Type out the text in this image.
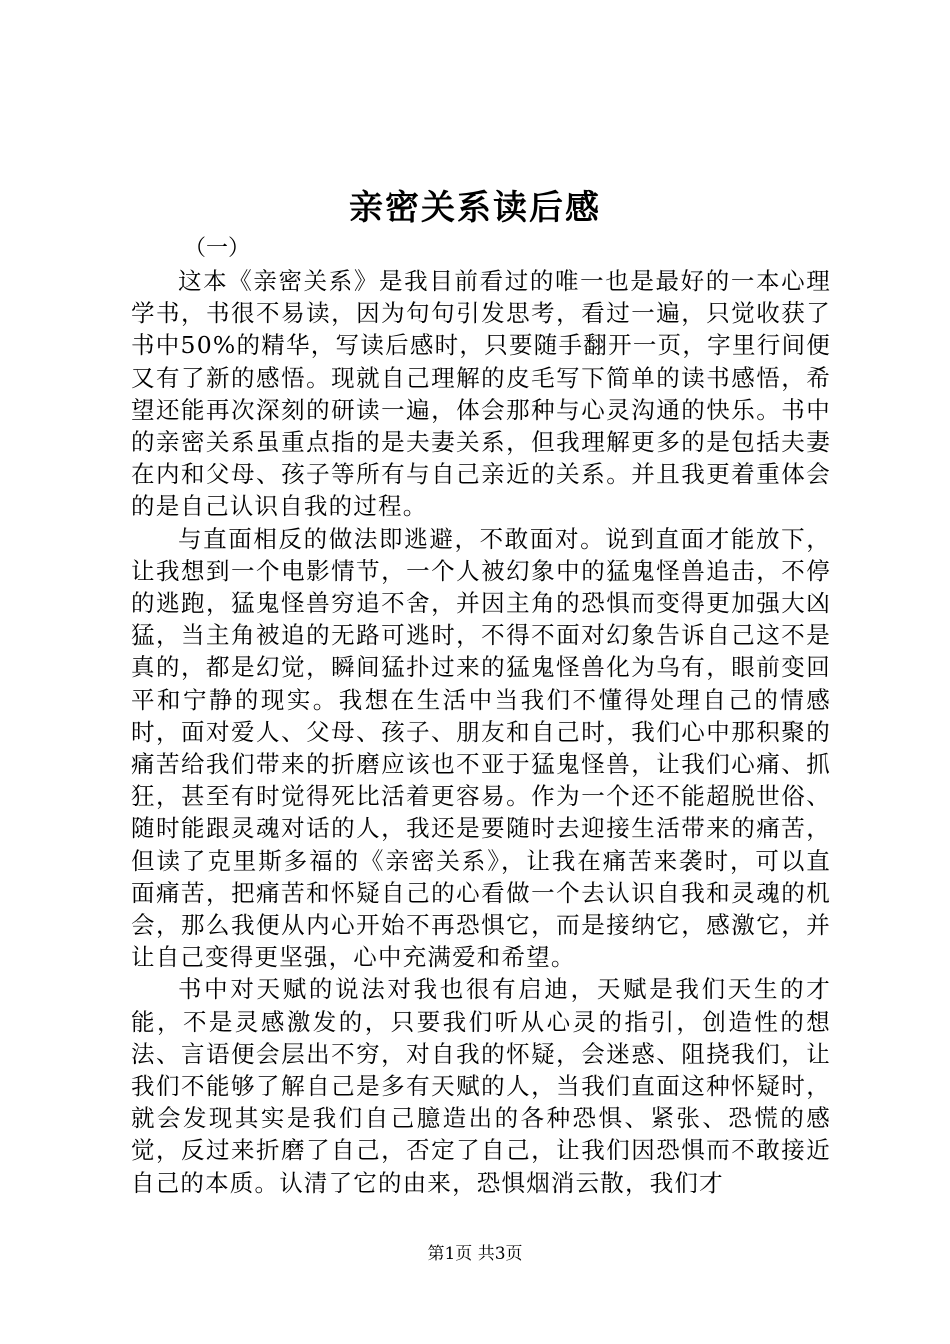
亲密关系读后感
（一）

这本《亲密关系》是我目前看过的唯一也是最好的一本心理学书，书很不易读，因为句句引发思考，看过一遍，只觉收获了书中50%的精华，写读后感时，只要随手翻开一页，字里行间便又有了新的感悟。现就自己理解的皮毛写下简单的读书感悟，希望还能再次深刻的研读一遍，体会那种与心灵沟通的快乐。书中的亲密关系虽重点指的是夫妻关系，但我理解更多的是包括夫妻在内和父母、孩子等所有与自己亲近的关系。并且我更着重体会的是自己认识自我的过程。

与直面相反的做法即逃避，不敢面对。说到直面才能放下，让我想到一个电影情节，一个人被幻象中的猛鬼怪兽追击，不停的逃跑，猛鬼怪兽穷追不舍，并因主角的恐惧而变得更加强大凶猛，当主角被追的无路可逃时，不得不面对幻象告诉自己这不是真的，都是幻觉，瞬间猛扑过来的猛鬼怪兽化为乌有，眼前变回平和宁静的现实。我想在生活中当我们不懂得处理自己的情感时，面对爱人、父母、孩子、朋友和自己时，我们心中那积聚的痛苦给我们带来的折磨应该也不亚于猛鬼怪兽，让我们心痛、抓狂，甚至有时觉得死比活着更容易。作为一个还不能超脱世俗、随时能跟灵魂对话的人，我还是要随时去迎接生活带来的痛苦，但读了克里斯多福的《亲密关系》，让我在痛苦来袭时，可以直面痛苦，把痛苦和怀疑自己的心看做一个去认识自我和灵魂的机会，那么我便从内心开始不再恐惧它，而是接纳它，感激它，并让自己变得更坚强，心中充满爱和希望。

书中对天赋的说法对我也很有启迪，天赋是我们天生的才能，不是灵感激发的，只要我们听从心灵的指引，创造性的想法、言语便会层出不穷，对自我的怀疑，会迷惑、阻挠我们，让我们不能够了解自己是多有天赋的人，当我们直面这种怀疑时，就会发现其实是我们自己臆造出的各种恐惧、紧张、恐慌的感觉，反过来折磨了自己，否定了自己，让我们因恐惧而不敢接近自己的本质。认清了它的由来，恐惧烟消云散，我们才

第1页 共3页
